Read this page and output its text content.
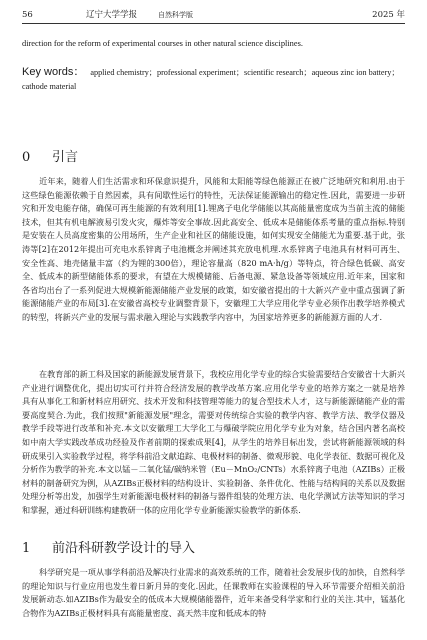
56	辽宁大学学报	自然科学版	2025 年
direction for the reform of experimental courses in other natural science disciplines.
Key words： applied chemistry；professional experiment；scientific research；aqueous zinc ion battery；cathode material
0 引言
近年来，随着人们生活需求和环保意识提升，风能和太阳能等绿色能源正在被广泛地研究和利用.由于这些绿色能源依赖于自然因素，具有间歇性运行的特性，无法保证能源输出的稳定性.因此，需要进一步研究和开发电能存储，确保可再生能源的有效利用[1].锂离子电化学储能以其高能量密度成为当前主流的储能技术，但其有机电解液易引发火灾，爆炸等安全事故.因此高安全、低成本是储能体系考量的重点指标.特别是安装在人员高度密集的公用场所，生产企业和社区的储能设施，如何实现安全储能尤为重要.基于此，张涛等[2]在2012年提出可充电水系锌离子电池概念并阐述其充放电机理.水系锌离子电池具有材料可再生、安全性高、地壳储量丰富（约为锂的300倍），理论容量高（820 mA·h/g）等特点，符合绿色低碳、高安全、低成本的新型储能体系的要求，有望在大规模储能、后备电源、紧急设备等领域应用.近年来，国家和各省均出台了一系列促进大规模新能源储能产业发展的政策，如安徽省提出的十大新兴产业中重点强调了新能源储能产业的布局[3].在安徽省高校专业调整背景下，安徽理工大学应用化学专业必须作出教学培养模式的转型，将新兴产业的发展与需求融入理论与实践教学内容中，为国家培养更多的新能源方面的人才.
在教育部的新工科及国家的新能源发展背景下，我校应用化学专业的综合实验需要结合安徽省十大新兴产业进行调整优化，提出切实可行并符合经济发展的教学改革方案.应用化学专业的培养方案之一就是培养具有从事化工和新材料应用研究、技术开发和科技管理等能力的复合型技术人才，这与新能源储能产业的需要高度契合.为此，我们按照"新能源发展"理念，需要对传统综合实验的教学内容、教学方法、教学仪器及教学手段等进行改革和补充.本文以安徽理工大学化工与爆破学院应用化学专业为对象，结合国内著名高校如中南大学实践改革成功经验及作者前期的探索成果[4]，从学生的培养目标出发，尝试将新能源领域的科研成果引入实验教学过程，将学科前沿文献追踪、电极材料的制备、微观形貌、电化学表征、数据可视化及分析作为教学的补充.本文以锰－二氧化锰/碳纳米管（Eu－MnO₂/CNTs）水系锌离子电池（AZIBs）正极材料的制备研究为例，从AZIBs正极材料的结构设计、实验制备、条件优化、性能与结构间的关系以及数据处理分析等出发，加强学生对新能源电极材料的制备与器件组装的处理方法、电化学测试方法等知识的学习和掌握，通过科研训练构建教研一体的应用化学专业新能源实验教学的新体系.
1 前沿科研教学设计的导入
科学研究是一项从事学科前沿及解决行业需求的高效系统的工作，随着社会发展步伐的加快，自然科学的理论知识与行业应用也发生着日新月异的变化.因此，任课教师在实验课程的导入环节需要介绍相关前沿发展新动态.如AZIBs作为最安全的低成本大规模储能器件，近年来备受科学家和行业的关注.其中，锰基化合物作为AZIBs正极材料具有高能量密度、高天然丰度和低成本的特
